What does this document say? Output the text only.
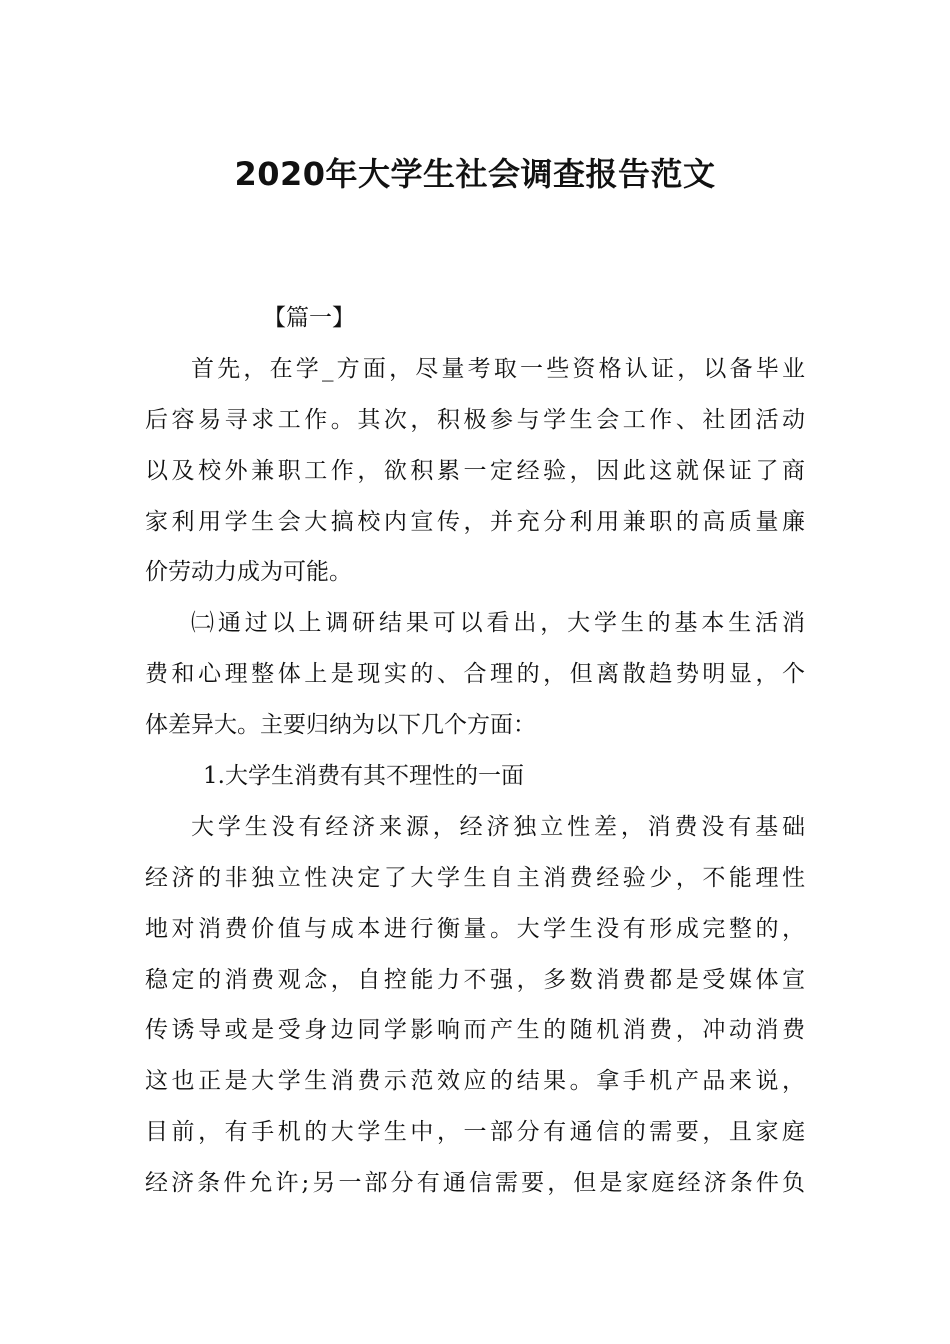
2020年大学生社会调查报告范文
【篇一】
首先，在学_方面，尽量考取一些资格认证，以备毕业
后容易寻求工作。其次，积极参与学生会工作、社团活动
以及校外兼职工作，欲积累一定经验，因此这就保证了商
家利用学生会大搞校内宣传，并充分利用兼职的高质量廉
价劳动力成为可能。
㈡通过以上调研结果可以看出，大学生的基本生活消
费和心理整体上是现实的、合理的，但离散趋势明显，个
体差异大。主要归纳为以下几个方面：
1.大学生消费有其不理性的一面
大学生没有经济来源，经济独立性差，消费没有基础
经济的非独立性决定了大学生自主消费经验少，不能理性
地对消费价值与成本进行衡量。大学生没有形成完整的，
稳定的消费观念，自控能力不强，多数消费都是受媒体宣
传诱导或是受身边同学影响而产生的随机消费，冲动消费
这也正是大学生消费示范效应的结果。拿手机产品来说，
目前，有手机的大学生中，一部分有通信的需要，且家庭
经济条件允许;另一部分有通信需要，但是家庭经济条件负
